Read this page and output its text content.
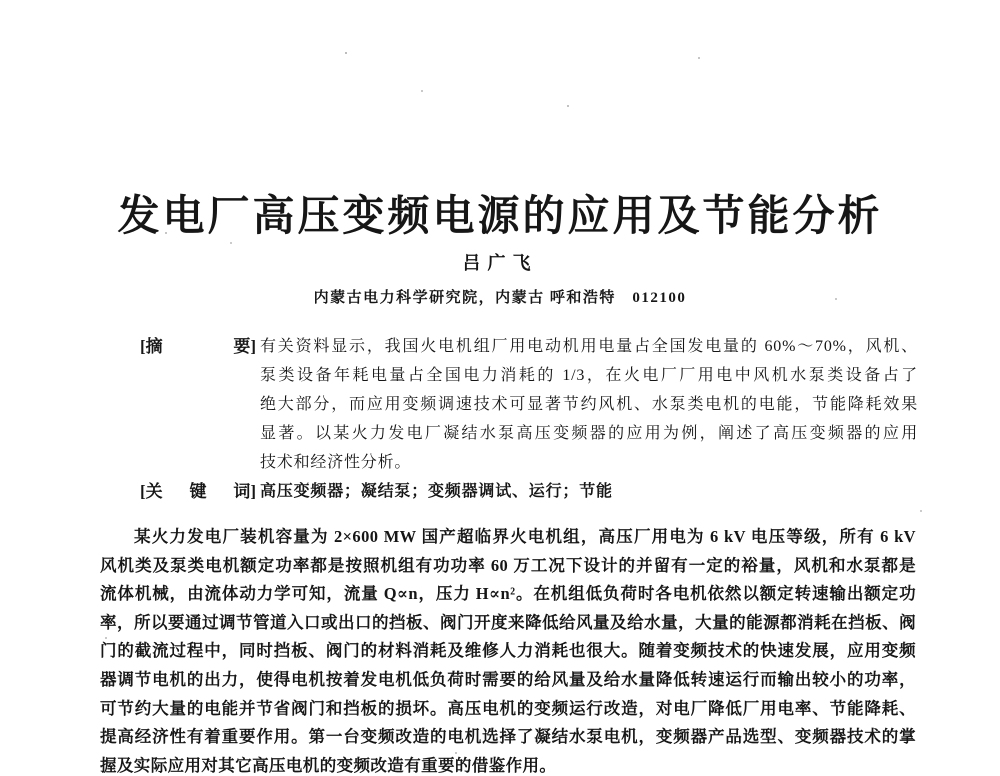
发电厂高压变频电源的应用及节能分析
吕广飞
内蒙古电力科学研究院，内蒙古 呼和浩特　012100
[摘	要] 有关资料显示，我国火电机组厂用电动机用电量占全国发电量的 60%～70%，风机、
泵类设备年耗电量占全国电力消耗的 1/3，在火电厂厂用电中风机水泵类设备占了
绝大部分，而应用变频调速技术可显著节约风机、水泵类电机的电能，节能降耗效果
显著。以某火力发电厂凝结水泵高压变频器的应用为例，阐述了高压变频器的应用
技术和经济性分析。
[关 键 词] 高压变频器；凝结泵；变频器调试、运行；节能
某火力发电厂装机容量为 2×600 MW 国产超临界火电机组，高压厂用电为 6 kV 电压等级，所有 6 kV
风机类及泵类电机额定功率都是按照机组有功功率 60 万工况下设计的并留有一定的裕量，风机和水泵都是
流体机械，由流体动力学可知，流量 Q∝n，压力 H∝n²。在机组低负荷时各电机依然以额定转速输出额定功
率，所以要通过调节管道入口或出口的挡板、阀门开度来降低给风量及给水量，大量的能源都消耗在挡板、阀
门的截流过程中，同时挡板、阀门的材料消耗及维修人力消耗也很大。随着变频技术的快速发展，应用变频
器调节电机的出力，使得电机按着发电机低负荷时需要的给风量及给水量降低转速运行而输出较小的功率，
可节约大量的电能并节省阀门和挡板的损坏。高压电机的变频运行改造，对电厂降低厂用电率、节能降耗、
提高经济性有着重要作用。第一台变频改造的电机选择了凝结水泵电机，变频器产品选型、变频器技术的掌
握及实际应用对其它高压电机的变频改造有重要的借鉴作用。
